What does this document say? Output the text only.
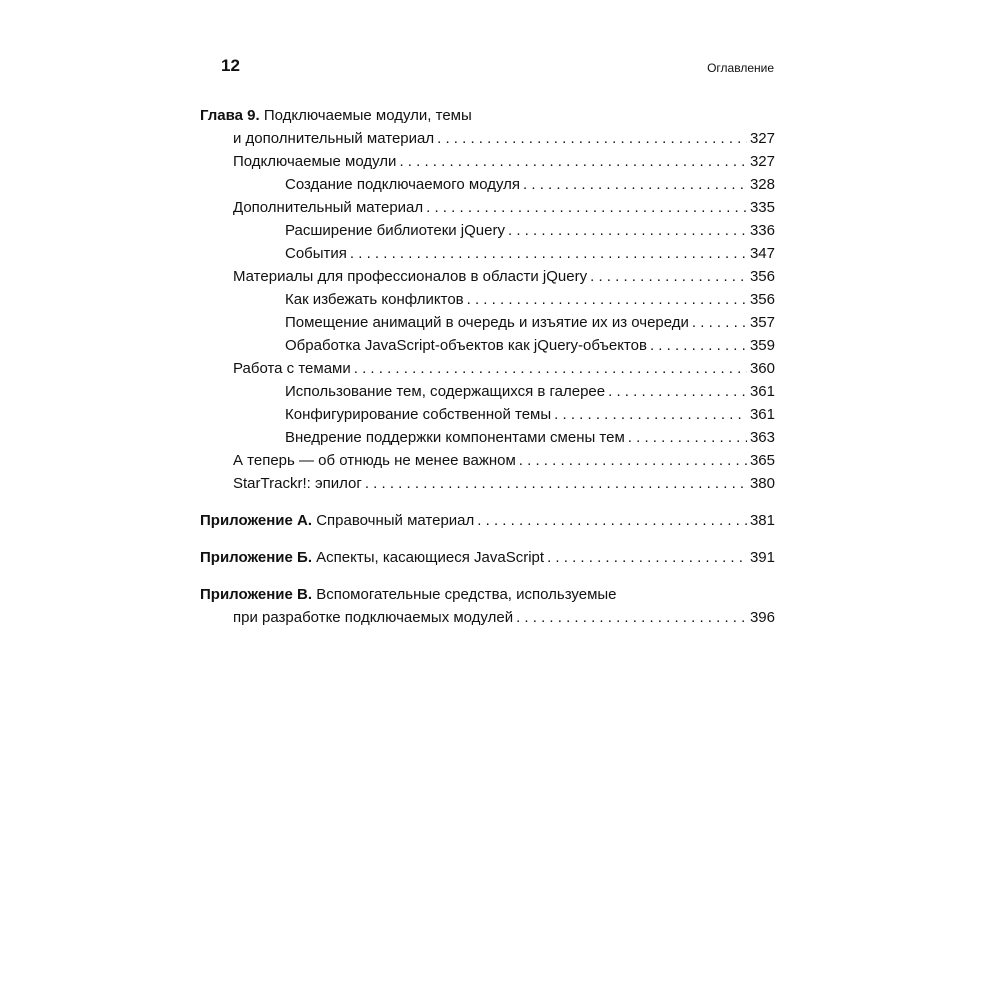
12	Оглавление
Глава 9. Подключаемые модули, темы
и дополнительный материал . . .	327
Подключаемые модули . . .	327
Создание подключаемого модуля . . .	328
Дополнительный материал . . .	335
Расширение библиотеки jQuery . . .	336
События . . .	347
Материалы для профессионалов в области jQuery . . .	356
Как избежать конфликтов . . .	356
Помещение анимаций в очередь и изъятие их из очереди . . .	357
Обработка JavaScript-объектов как jQuery-объектов . . .	359
Работа с темами . . .	360
Использование тем, содержащихся в галерее . . .	361
Конфигурирование собственной темы . . .	361
Внедрение поддержки компонентами смены тем . . .	363
А теперь — об отнюдь не менее важном . . .	365
StarTrackr!: эпилог . . .	380
Приложение А. Справочный материал . . .	381
Приложение Б. Аспекты, касающиеся JavaScript . . .	391
Приложение В. Вспомогательные средства, используемые
при разработке подключаемых модулей . . .	396
